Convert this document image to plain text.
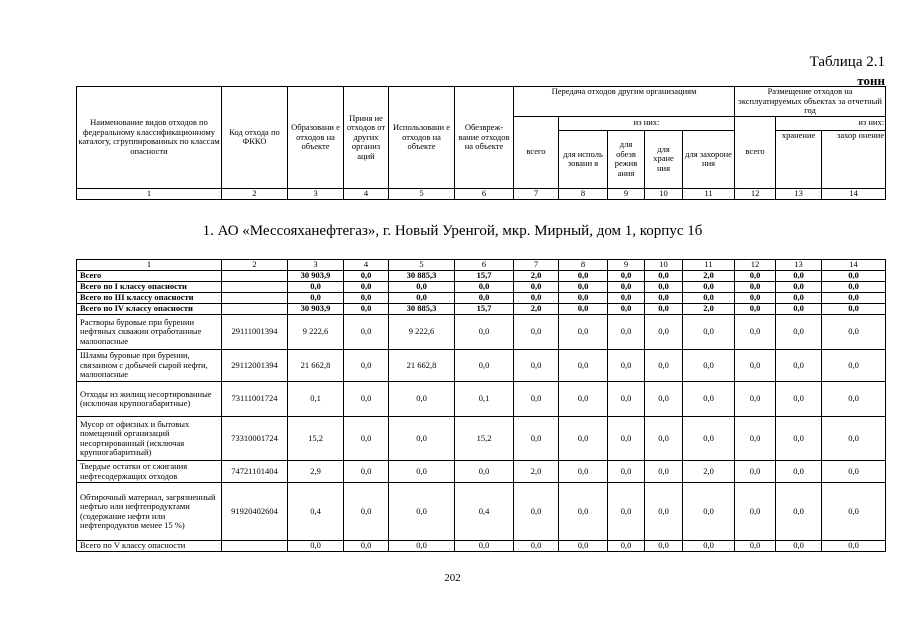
Таблица 2.1
тонн
Наименование видов отходов по федеральному классификационному каталогу, сгруппированных по классам опасности	Код отхода по ФККО	Образовани е отходов на объекте	Приня ие отходов от других организ аций	Использовани е отходов на объекте	Обезвреж вание отходов на объекте	Передача отходов другим организациям					Размещение отходов на эксплуатируемых объектах за отчетный год		
						всего	из них:				всего	из них:	
							для исполь зовани я	для обезв режив ания	для хране ния	для захороне ния		хранение	захор онение
1	2	3	4	5	6	7	8	9	10	11	12	13	14
1. АО «Мессояханефтегаз», г. Новый Уренгой, мкр. Мирный, дом 1, корпус 1б
1	2	3	4	5	6	7	8	9	10	11	12	13	14
Всего		30 903,9	0,0	30 885,3	15,7	2,0	0,0	0,0	0,0	2,0	0,0	0,0	0,0
Всего по I классу опасности		0,0	0,0	0,0	0,0	0,0	0,0	0,0	0,0	0,0	0,0	0,0	0,0
Всего по III классу опасности		0,0	0,0	0,0	0,0	0,0	0,0	0,0	0,0	0,0	0,0	0,0	0,0
Всего по IV классу опасности		30 903,9	0,0	30 885,3	15,7	2,0	0,0	0,0	0,0	2,0	0,0	0,0	0,0
Растворы буровые при бурении нефтяных скважин отработанные малоопасные	29111001394	9 222,6	0,0	9 222,6	0,0	0,0	0,0	0,0	0,0	0,0	0,0	0,0	0,0
Шламы буровые при бурении, связанном с добычей сырой нефти, малоопасные	29112001394	21 662,8	0,0	21 662,8	0,0	0,0	0,0	0,0	0,0	0,0	0,0	0,0	0,0
Отходы из жилищ несортированные (исключая крупногабаритные)	73111001724	0,1	0,0	0,0	0,1	0,0	0,0	0,0	0,0	0,0	0,0	0,0	0,0
Мусор от офисных и бытовых помещений организаций несортированный (исключая крупногабаритный)	73310001724	15,2	0,0	0,0	15,2	0,0	0,0	0,0	0,0	0,0	0,0	0,0	0,0
Твердые остатки от сжигания нефтесодержащих отходов	74721101404	2,9	0,0	0,0	0,0	2,0	0,0	0,0	0,0	2,0	0,0	0,0	0,0
Обтирочный материал, загрязненный нефтью или нефтепродуктами (содержание нефти или нефтепродуктов менее 15 %)	91920402604	0,4	0,0	0,0	0,4	0,0	0,0	0,0	0,0	0,0	0,0	0,0	0,0
Всего по V классу опасности		0,0	0,0	0,0	0,0	0,0	0,0	0,0	0,0	0,0	0,0	0,0	0,0
202
